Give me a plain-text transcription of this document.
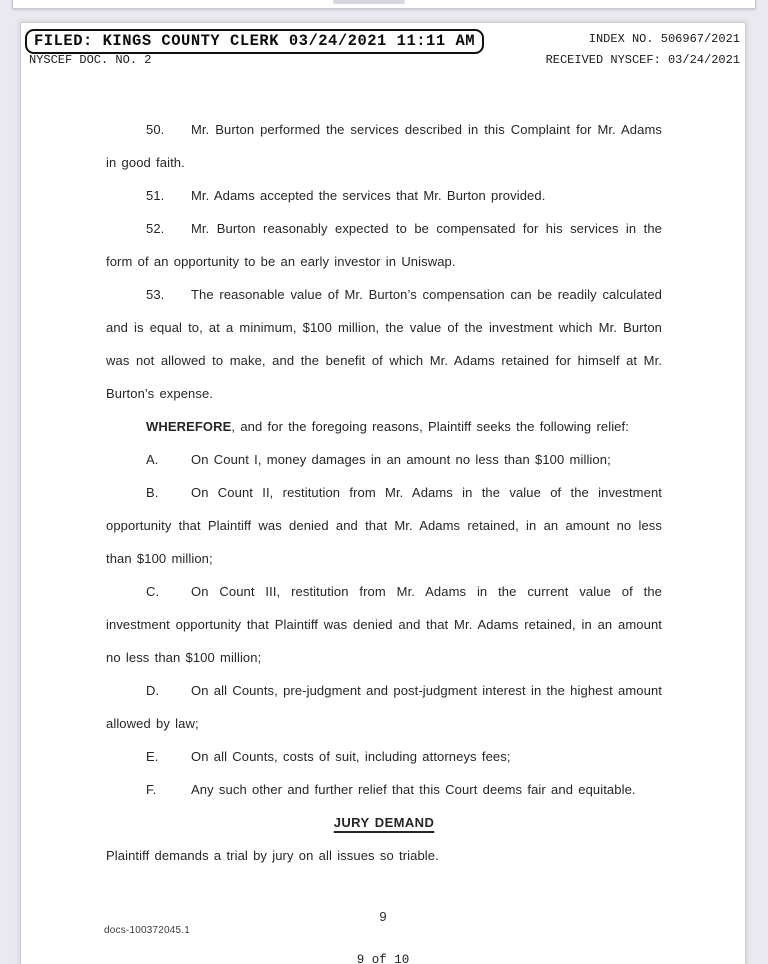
FILED: KINGS COUNTY CLERK 03/24/2021 11:11 AM	INDEX NO. 506967/2021
NYSCEF DOC. NO. 2	RECEIVED NYSCEF: 03/24/2021

50. Mr. Burton performed the services described in this Complaint for Mr. Adams in good faith.

51. Mr. Adams accepted the services that Mr. Burton provided.

52. Mr. Burton reasonably expected to be compensated for his services in the form of an opportunity to be an early investor in Uniswap.

53. The reasonable value of Mr. Burton’s compensation can be readily calculated and is equal to, at a minimum, $100 million, the value of the investment which Mr. Burton was not allowed to make, and the benefit of which Mr. Adams retained for himself at Mr. Burton’s expense.

WHEREFORE, and for the foregoing reasons, Plaintiff seeks the following relief:

A.	On Count I, money damages in an amount no less than $100 million;

B.	On Count II, restitution from Mr. Adams in the value of the investment opportunity that Plaintiff was denied and that Mr. Adams retained, in an amount no less than $100 million;

C. On Count III, restitution from Mr. Adams in the current value of the investment opportunity that Plaintiff was denied and that Mr. Adams retained, in an amount no less than $100 million;

D. On all Counts, pre-judgment and post-judgment interest in the highest amount allowed by law;

E.	On all Counts, costs of suit, including attorneys fees;

F.	Any such other and further relief that this Court deems fair and equitable.

JURY DEMAND

Plaintiff demands a trial by jury on all issues so triable.

9
docs-100372045.1
9 of 10
